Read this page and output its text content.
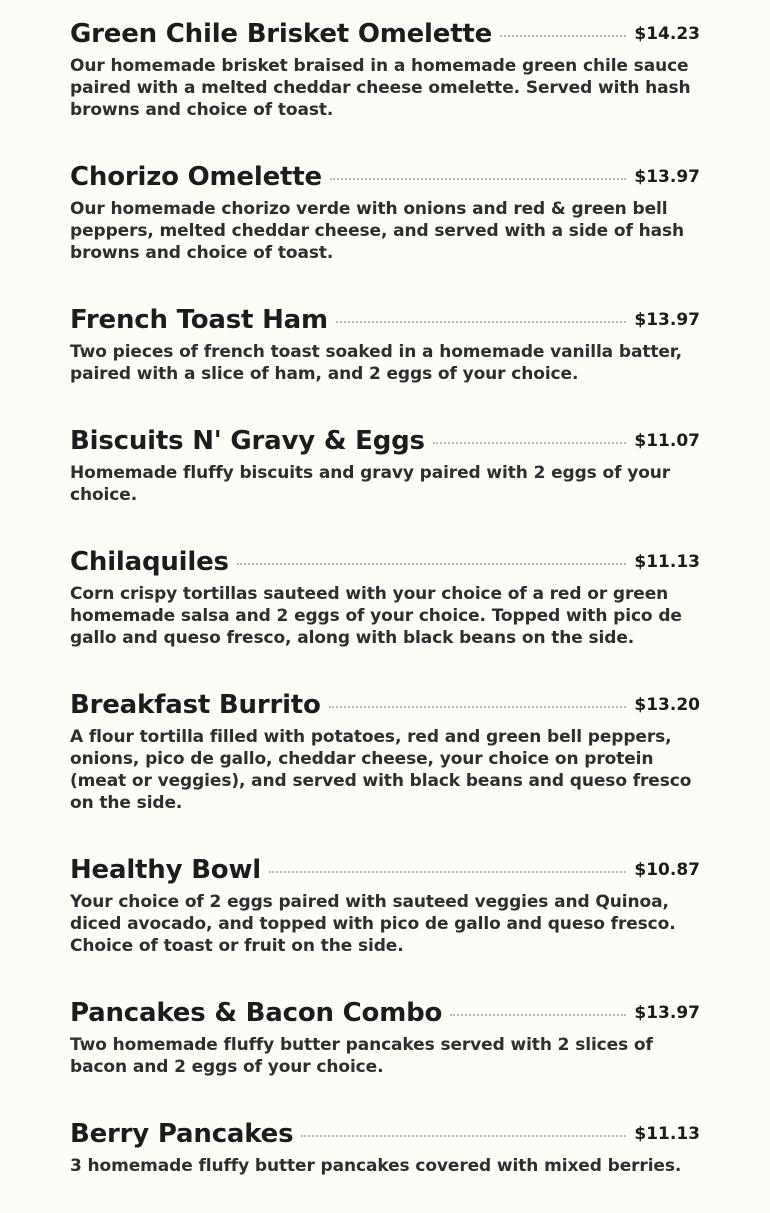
Green Chile Brisket Omelette	$14.23
Our homemade brisket braised in a homemade green chile sauce paired with a melted cheddar cheese omelette. Served with hash browns and choice of toast.
Chorizo Omelette	$13.97
Our homemade chorizo verde with onions and red & green bell peppers, melted cheddar cheese, and served with a side of hash browns and choice of toast.
French Toast Ham	$13.97
Two pieces of french toast soaked in a homemade vanilla batter, paired with a slice of ham, and 2 eggs of your choice.
Biscuits N' Gravy & Eggs	$11.07
Homemade fluffy biscuits and gravy paired with 2 eggs of your choice.
Chilaquiles	$11.13
Corn crispy tortillas sauteed with your choice of a red or green homemade salsa and 2 eggs of your choice. Topped with pico de gallo and queso fresco, along with black beans on the side.
Breakfast Burrito	$13.20
A flour tortilla filled with potatoes, red and green bell peppers, onions, pico de gallo, cheddar cheese, your choice on protein (meat or veggies), and served with black beans and queso fresco on the side.
Healthy Bowl	$10.87
Your choice of 2 eggs paired with sauteed veggies and Quinoa, diced avocado, and topped with pico de gallo and queso fresco. Choice of toast or fruit on the side.
Pancakes & Bacon Combo	$13.97
Two homemade fluffy butter pancakes served with 2 slices of bacon and 2 eggs of your choice.
Berry Pancakes	$11.13
3 homemade fluffy butter pancakes covered with mixed berries.
